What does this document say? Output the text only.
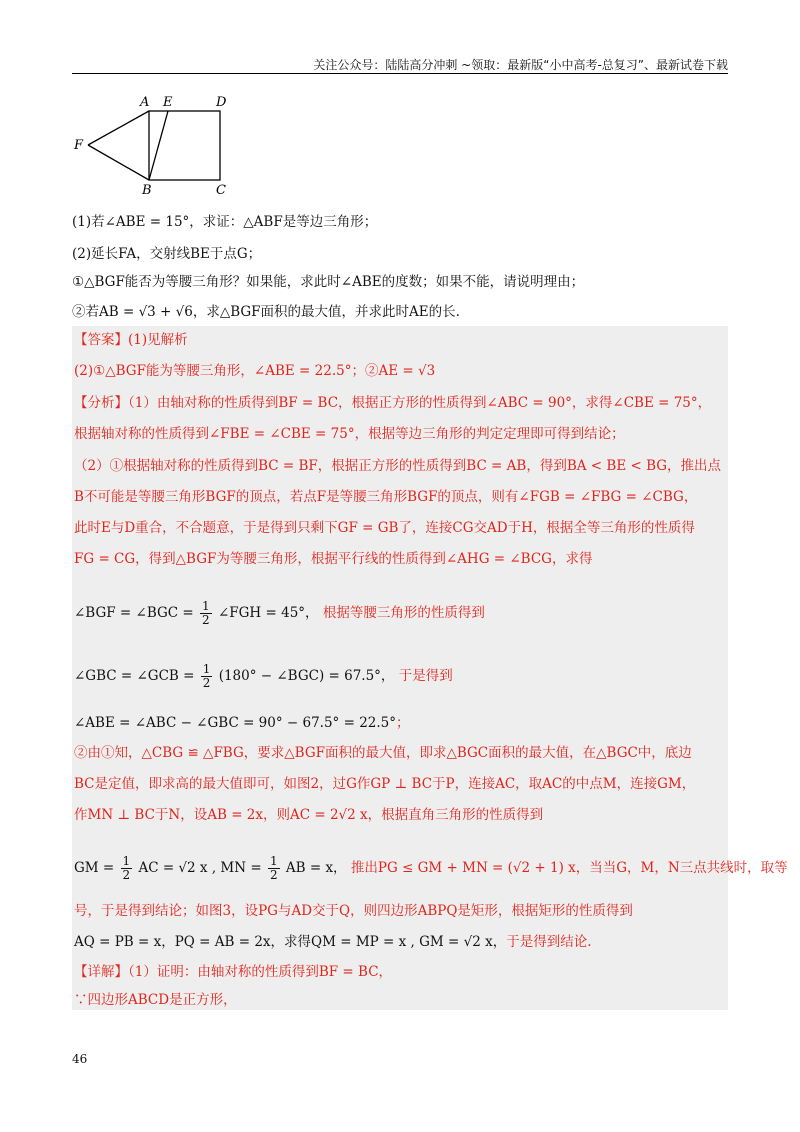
关注公众号：陆陆高分冲刺 ~领取：最新版“小中高考-总复习”、最新试卷下载
A E	D
F
B	C
(1)若∠ABE = 15°，求证：△ABF是等边三角形；
(2)延长FA，交射线BE于点G；
①△BGF能否为等腰三角形？如果能，求此时∠ABE的度数；如果不能，请说明理由；
②若AB = √3 + √6，求△BGF面积的最大值，并求此时AE的长.
【答案】(1)见解析
(2)①△BGF能为等腰三角形，∠ABE = 22.5°；②AE = √3
【分析】（1）由轴对称的性质得到BF = BC，根据正方形的性质得到∠ABC = 90°，求得∠CBE = 75°，
根据轴对称的性质得到∠FBE = ∠CBE = 75°，根据等边三角形的判定定理即可得到结论；
（2）①根据轴对称的性质得到BC = BF，根据正方形的性质得到BC = AB，得到BA < BE < BG，推出点
B不可能是等腰三角形BGF的顶点，若点F是等腰三角形BGF的顶点，则有∠FGB = ∠FBG = ∠CBG，
此时E与D重合，不合题意，于是得到只剩下GF = GB了，连接CG交AD于H，根据全等三角形的性质得
FG = CG，得到△BGF为等腰三角形，根据平行线的性质得到∠AHG = ∠BCG，求得
∠BGF = ∠BGC = $\frac{1}{2}$ ∠FGH = 45°， 根据等腰三角形的性质得到
∠GBC = ∠GCB = $\frac{1}{2} (180^\circ$ − ∠BGC) = 67.5°， 于是得到
∠ABE = ∠ABC − ∠GBC = 90° − 67.5° = 22.5°；
②由①知，△CBG ≌ △FBG，要求△BGF面积的最大值，即求△BGC面积的最大值，在△BGC中，底边
BC是定值，即求高的最大值即可，如图2，过G作GP ⊥ BC于P，连接AC，取AC的中点M，连接GM，
作MN ⊥ BC于N，设AB = 2x，则AC = 2√2 x，根据直角三角形的性质得到
GM = $\frac{1}{2}$ AC = √2 x , MN = $\frac{1}{2}$ AB = x， 推出PG ≤ GM + MN = (√2 + 1) x，当当G，M，N三点共线时，取等
号，于是得到结论；如图3，设PG与AD交于Q，则四边形ABPQ是矩形，根据矩形的性质得到
AQ = PB = x，PQ = AB = 2x，求得QM = MP = x , GM = √2 x，于是得到结论.
【详解】（1）证明：由轴对称的性质得到BF = BC，
∵四边形ABCD是正方形，
46
